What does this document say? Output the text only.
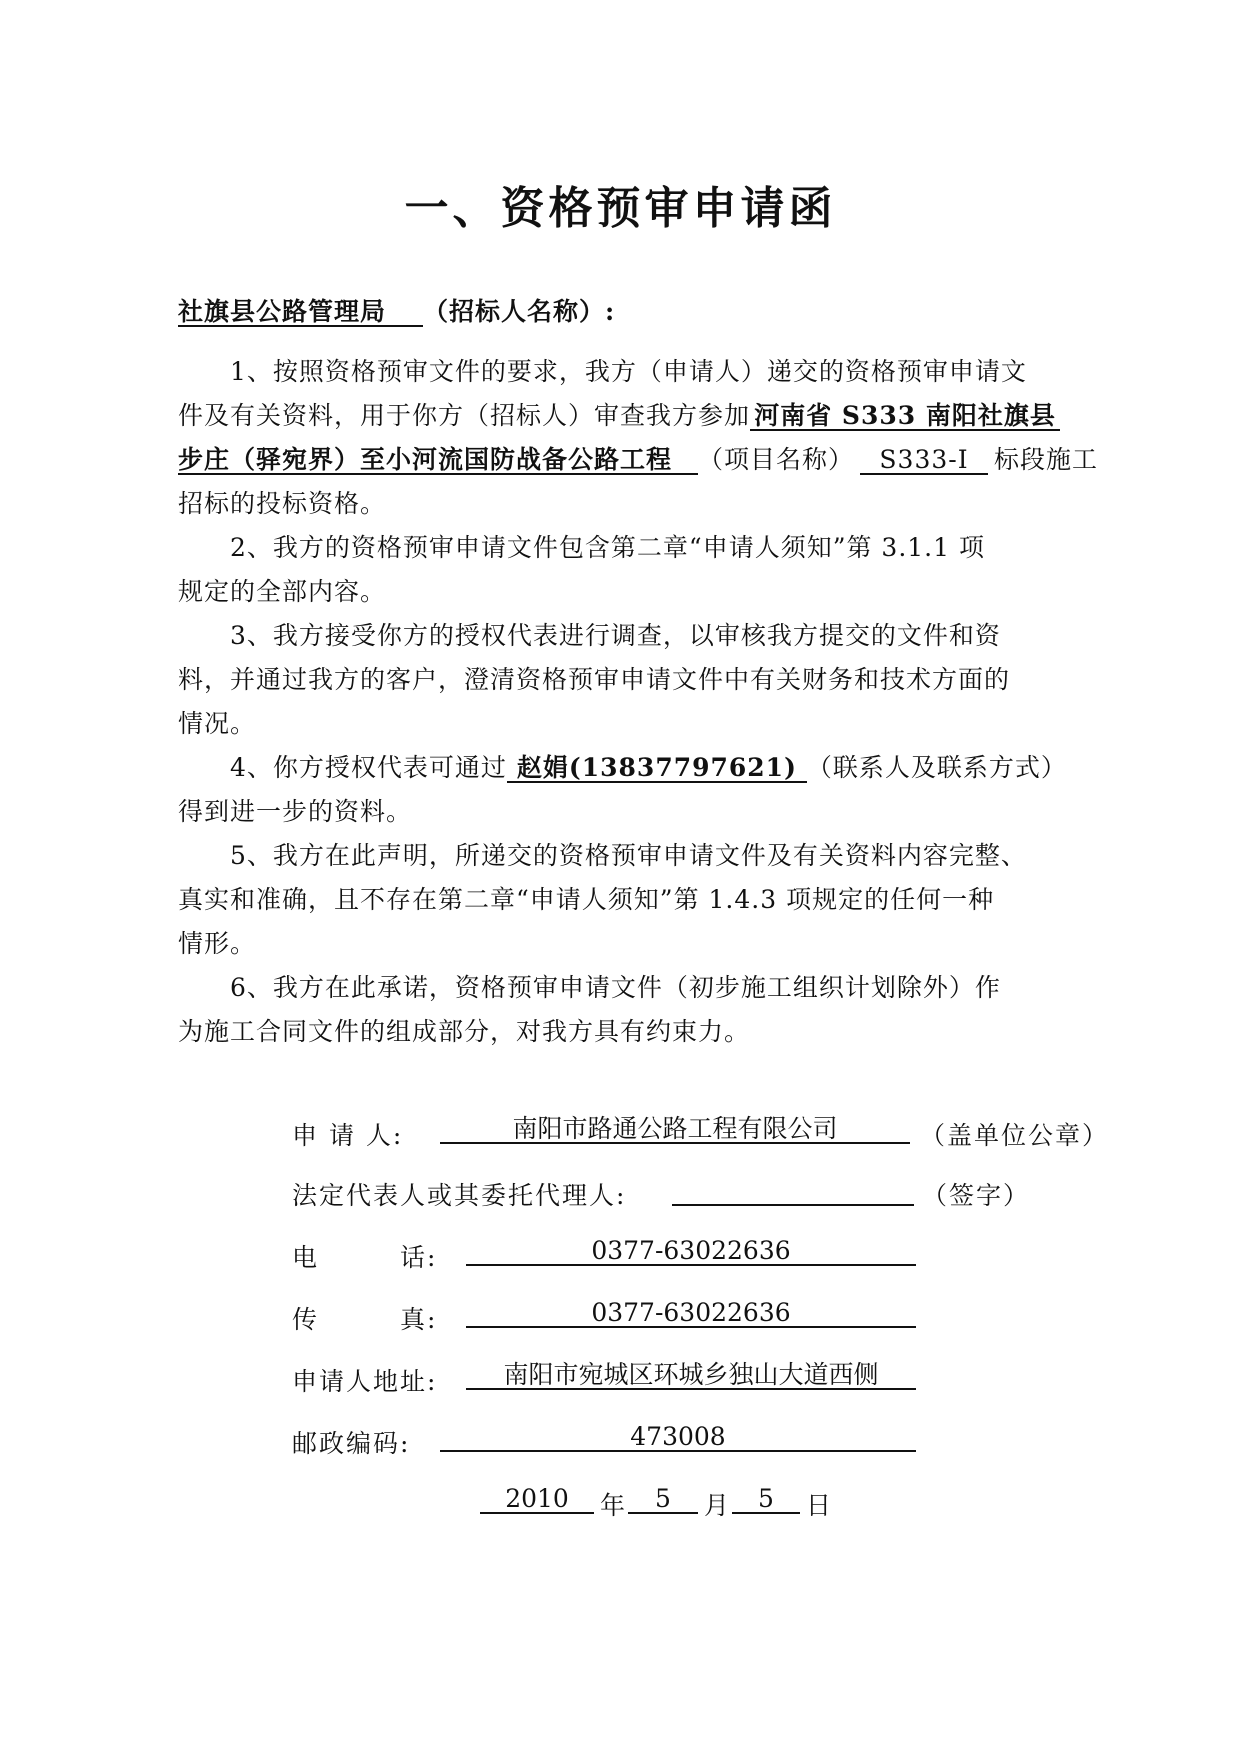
一、资格预审申请函
社旗县公路管理局 （招标人名称）:
1、按照资格预审文件的要求，我方（申请人）递交的资格预审申请文
件及有关资料，用于你方（招标人）审查我方参加 河南省 S333 南阳社旗县
步庄（驿宛界）至小河流国防战备公路工程 （项目名称） S333-I 标段施工
招标的投标资格。
2、我方的资格预审申请文件包含第二章“申请人须知”第 3.1.1 项
规定的全部内容。
3、我方接受你方的授权代表进行调查，以审核我方提交的文件和资
料，并通过我方的客户，澄清资格预审申请文件中有关财务和技术方面的
情况。
4、你方授权代表可通过 赵娟(13837797621) （联系人及联系方式）
得到进一步的资料。
5、我方在此声明，所递交的资格预审申请文件及有关资料内容完整、
真实和准确，且不存在第二章“申请人须知”第 1.4.3 项规定的任何一种
情形。
6、我方在此承诺，资格预审申请文件（初步施工组织计划除外）作
为施工合同文件的组成部分，对我方具有约束力。
申 请 人:	南阳市路通公路工程有限公司	（盖单位公章）
法定代表人或其委托代理人:	（签字）
电　　　话:	0377-63022636
传　　　真:	0377-63022636
申请人地址:	南阳市宛城区环城乡独山大道西侧
邮政编码:	473008
2010	年	5	月	5	日
